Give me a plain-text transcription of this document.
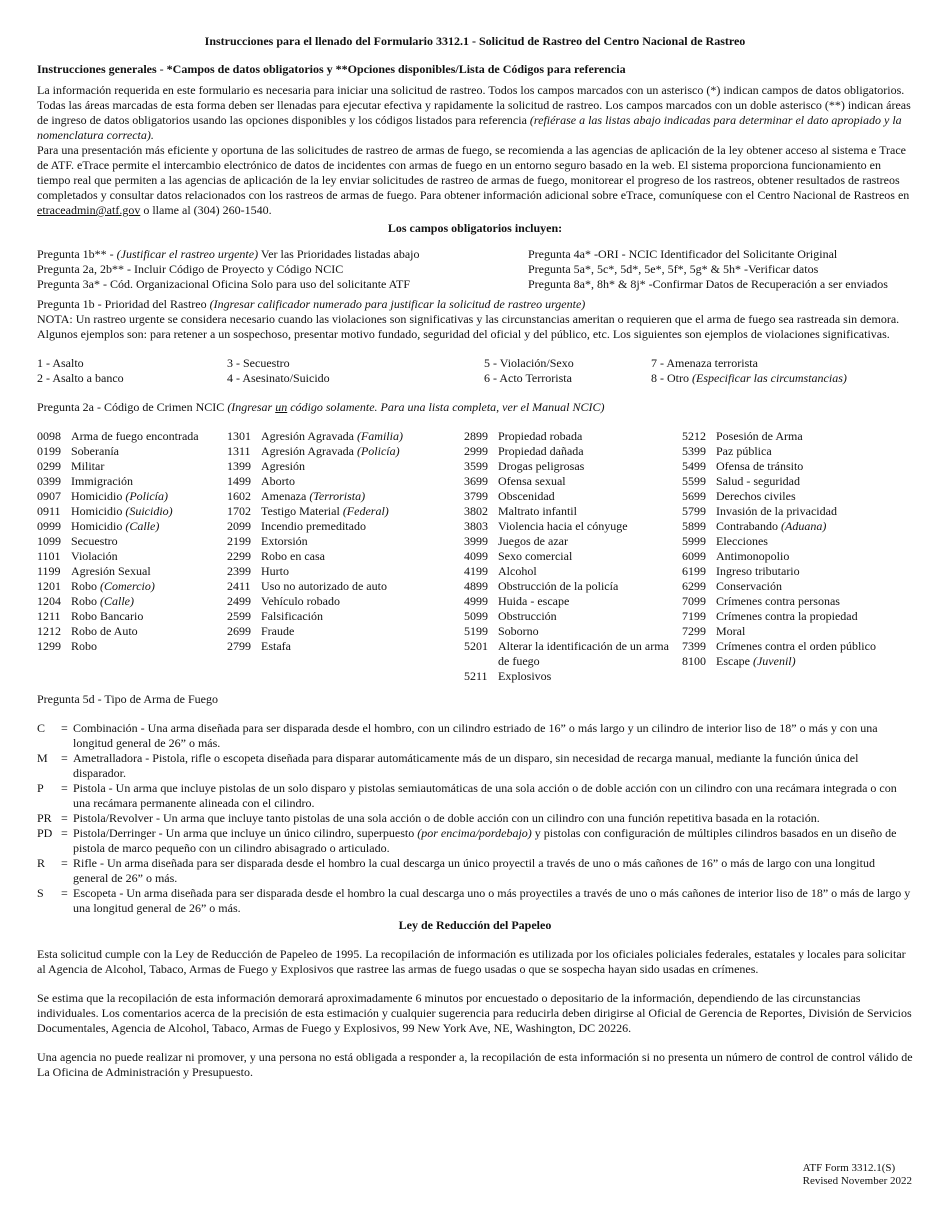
Instrucciones para el llenado del Formulario 3312.1 - Solicitud de Rastreo del Centro Nacional de Rastreo
Instrucciones generales - *Campos de datos obligatorios y **Opciones disponibles/Lista de Códigos para referencia

La información requerida en este formulario es necesaria para iniciar una solicitud de rastreo. Todos los campos marcados con un asterisco (*) indican campos de datos obligatorios. Todas las áreas marcadas de esta forma deben ser llenadas para ejecutar efectiva y rapidamente la solicitud de rastreo. Los campos marcados con un doble asterisco (**) indican áreas de ingreso de datos obligatorios usando las opciones disponibles y los códigos listados para referencia (refiérase a las listas abajo indicadas para determinar el dato apropiado y la nomenclatura correcta).

Para una presentación más eficiente y oportuna de las solicitudes de rastreo de armas de fuego, se recomienda a las agencias de aplicación de la ley obtener acceso al sistema e Trace de ATF. eTrace permite el intercambio electrónico de datos de incidentes con armas de fuego en un entorno seguro basado en la web. El sistema proporciona funcionamiento en tiempo real que permiten a las agencias de aplicación de la ley enviar solicitudes de rastreo de armas de fuego, monitorear el progreso de los rastreos, obtener resultados de rastreos completados y consultar datos relacionados con los rastreos de armas de fuego. Para obtener información adicional sobre eTrace, comuníquese con el Centro Nacional de Rastreos en etraceadmin@atf.gov o llame al (304) 260-1540.

Los campos obligatorios incluyen:
Pregunta 1b** - (Justificar el rastreo urgente) Ver las Prioridades listadas abajo
Pregunta 2a, 2b** - Incluir Código de Proyecto y Código NCIC
Pregunta 3a* - Cód. Organizacional Oficina Solo para uso del solicitante ATF
Pregunta 4a* -ORI - NCIC Identificador del Solicitante Original
Pregunta 5a*, 5c*, 5d*, 5e*, 5f*, 5g* & 5h* -Verificar datos
Pregunta 8a*, 8h* & 8j* -Confirmar Datos de Recuperación a ser enviados

Pregunta 1b - Prioridad del Rastreo (Ingresar calificador numerado para justificar la solicitud de rastreo urgente)

NOTA: Un rastreo urgente se considera necesario cuando las violaciones son significativas y las circunstancias ameritan o requieren que el arma de fuego sea rastreada sin demora. Algunos ejemplos son: para retener a un sospechoso, presentar motivo fundado, seguridad del oficial y del público, etc. Los siguientes son ejemplos de violaciones significativas.

1 - Asalto
2 - Asalto a banco
3 - Secuestro
4 - Asesinato/Suicido
5 - Violación/Sexo
6 - Acto Terrorista
7 - Amenaza terrorista
8 - Otro (Especificar las circumstancias)

Pregunta 2a - Código de Crimen NCIC (Ingresar un código solamente. Para una lista completa, ver el Manual NCIC)

0098 Arma de fuego encontrada
0199 Soberanía
0299 Militar
0399 Immigración
0907 Homicidio (Policía)
0911 Homicidio (Suicidio)
0999 Homicidio (Calle)
1099 Secuestro
1101 Violación
1199 Agresión Sexual
1201 Robo (Comercio)
1204 Robo (Calle)
1211 Robo Bancario
1212 Robo de Auto
1299 Robo
1301 Agresión Agravada (Familia)
1311 Agresión Agravada (Policía)
1399 Agresión
1499 Aborto
1602 Amenaza (Terrorista)
1702 Testigo Material (Federal)
2099 Incendio premeditado
2199 Extorsión
2299 Robo en casa
2399 Hurto
2411 Uso no autorizado de auto
2499 Vehículo robado
2599 Falsificación
2699 Fraude
2799 Estafa
2899 Propiedad robada
2999 Propiedad dañada
3599 Drogas peligrosas
3699 Ofensa sexual
3799 Obscenidad
3802 Maltrato infantil
3803 Violencia hacia el cónyuge
3999 Juegos de azar
4099 Sexo comercial
4199 Alcohol
4899 Obstrucción de la policía
4999 Huida - escape
5099 Obstrucción
5199 Soborno
5201 Alterar la identificación de un arma de fuego
5211 Explosivos
5212 Posesión de Arma
5399 Paz pública
5499 Ofensa de tránsito
5599 Salud - seguridad
5699 Derechos civiles
5799 Invasión de la privacidad
5899 Contrabando (Aduana)
5999 Elecciones
6099 Antimonopolio
6199 Ingreso tributario
6299 Conservación
7099 Crímenes contra personas
7199 Crímenes contra la propiedad
7299 Moral
7399 Crímenes contra el orden público
8100 Escape (Juvenil)

Pregunta 5d - Tipo de Arma de Fuego

C	= Combinación - Una arma diseñada para ser disparada desde el hombro, con un cilindro estriado de 16” o más largo y un cilindro de interior liso de 18” o más y con una longitud general de 26” o más.
M	= Ametralladora - Pistola, rifle o escopeta diseñada para disparar automáticamente más de un disparo, sin necesidad de recarga manual, mediante la función única del disparador.
P	= Pistola - Un arma que incluye pistolas de un solo disparo y pistolas semiautomáticas de una sola acción o de doble acción con un cilindro con una recámara integrada o con una recámara permanente alineada con el cilindro.
PR = Pistola/Revolver - Un arma que incluye tanto pistolas de una sola acción o de doble acción con un cilindro con una función repetitiva basada en la rotación.
PD = Pistola/Derringer - Un arma que incluye un único cilindro, superpuesto (por encima/pordebajo) y pistolas con configuración de múltiples cilindros basados en un diseño de pistola de marco pequeño con un cilindro abisagrado o articulado.
R	= Rifle - Un arma diseñada para ser disparada desde el hombro la cual descarga un único proyectil a través de uno o más cañones de 16” o más de largo con una longitud general de 26” o más.
S	= Escopeta - Un arma diseñada para ser disparada desde el hombro la cual descarga uno o más proyectiles a través de uno o más cañones de interior liso de 18” o más de largo y una longitud general de 26” o más.
Ley de Reducción del Papeleo

Esta solicitud cumple con la Ley de Reducción de Papeleo de 1995. La recopilación de información es utilizada por los oficiales policiales federales, estatales y locales para solicitar al Agencia de Alcohol, Tabaco, Armas de Fuego y Explosivos que rastree las armas de fuego usadas o que se sospecha hayan sido usadas en crímenes.

Se estima que la recopilación de esta información demorará aproximadamente 6 minutos por encuestado o depositario de la información, dependiendo de las circunstancias individuales. Los comentarios acerca de la precisión de esta estimación y cualquier sugerencia para reducirla deben dirigirse al Oficial de Gerencia de Reportes, División de Servicios Documentales, Agencia de Alcohol, Tabaco, Armas de Fuego y Explosivos, 99 New York Ave, NE, Washington, DC 20226.

Una agencia no puede realizar ni promover, y una persona no está obligada a responder a, la recopilación de esta información si no presenta un número de control de control válido de La Oficina de Administración y Presupuesto.

ATF Form 3312.1(S)
Revised November 2022
